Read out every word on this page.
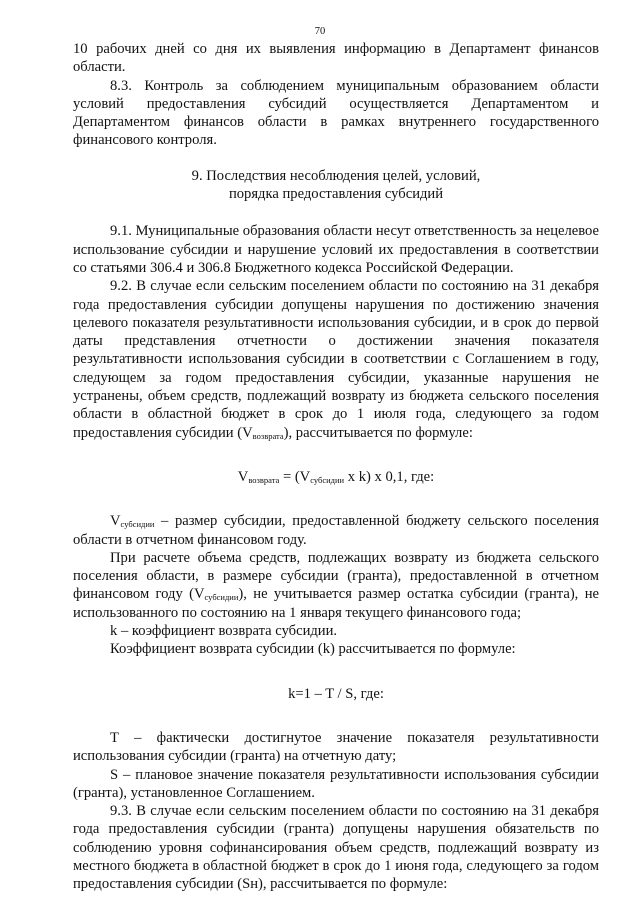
70

10 рабочих дней со дня их выявления информацию в Департамент финансов области.

8.3. Контроль за соблюдением муниципальным образованием области условий предоставления субсидий осуществляется Департаментом и Департаментом финансов области в рамках внутреннего государственного финансового контроля.

9. Последствия несоблюдения целей, условий,

порядка предоставления субсидий

9.1. Муниципальные образования области несут ответственность за нецелевое использование субсидии и нарушение условий их предоставления в соответствии со статьями 306.4 и 306.8 Бюджетного кодекса Российской Федерации.

9.2. В случае если сельским поселением области по состоянию на 31 декабря года предоставления субсидии допущены нарушения по достижению значения целевого показателя результативности использования субсидии, и в срок до первой даты представления отчетности о достижении значения показателя результативности использования субсидии в соответствии с Соглашением в году, следующем за годом предоставления субсидии, указанные нарушения не устранены, объем средств, подлежащий возврату из бюджета сельского поселения области в областной бюджет в срок до 1 июля года, следующего за годом предоставления субсидии $(V_{возврата})$, рассчитывается по формуле:

$V_{возврата} = (V_{субсидии}$ x k) x 0,1, где:

$V_{субсидии}$ – размер субсидии, предоставленной бюджету сельского поселения области в отчетном финансовом году.

При расчете объема средств, подлежащих возврату из бюджета сельского поселения области, в размере субсидии (гранта), предоставленной в отчетном финансовом году $(V_{субсидии})$, не учитывается размер остатка субсидии (гранта), не использованного по состоянию на 1 января текущего финансового года;

k – коэффициент возврата субсидии.

Коэффициент возврата субсидии (k) рассчитывается по формуле:

k=1 – T / S, где:

Т – фактически достигнутое значение показателя результативности использования субсидии (гранта) на отчетную дату;

S – плановое значение показателя результативности использования субсидии (гранта), установленное Соглашением.

9.3. В случае если сельским поселением области по состоянию на 31 декабря года предоставления субсидии (гранта) допущены нарушения обязательств по соблюдению уровня софинансирования объем средств, подлежащий возврату из местного бюджета в областной бюджет в срок до 1 июня года, следующего за годом предоставления субсидии (Sн), рассчитывается по формуле:
